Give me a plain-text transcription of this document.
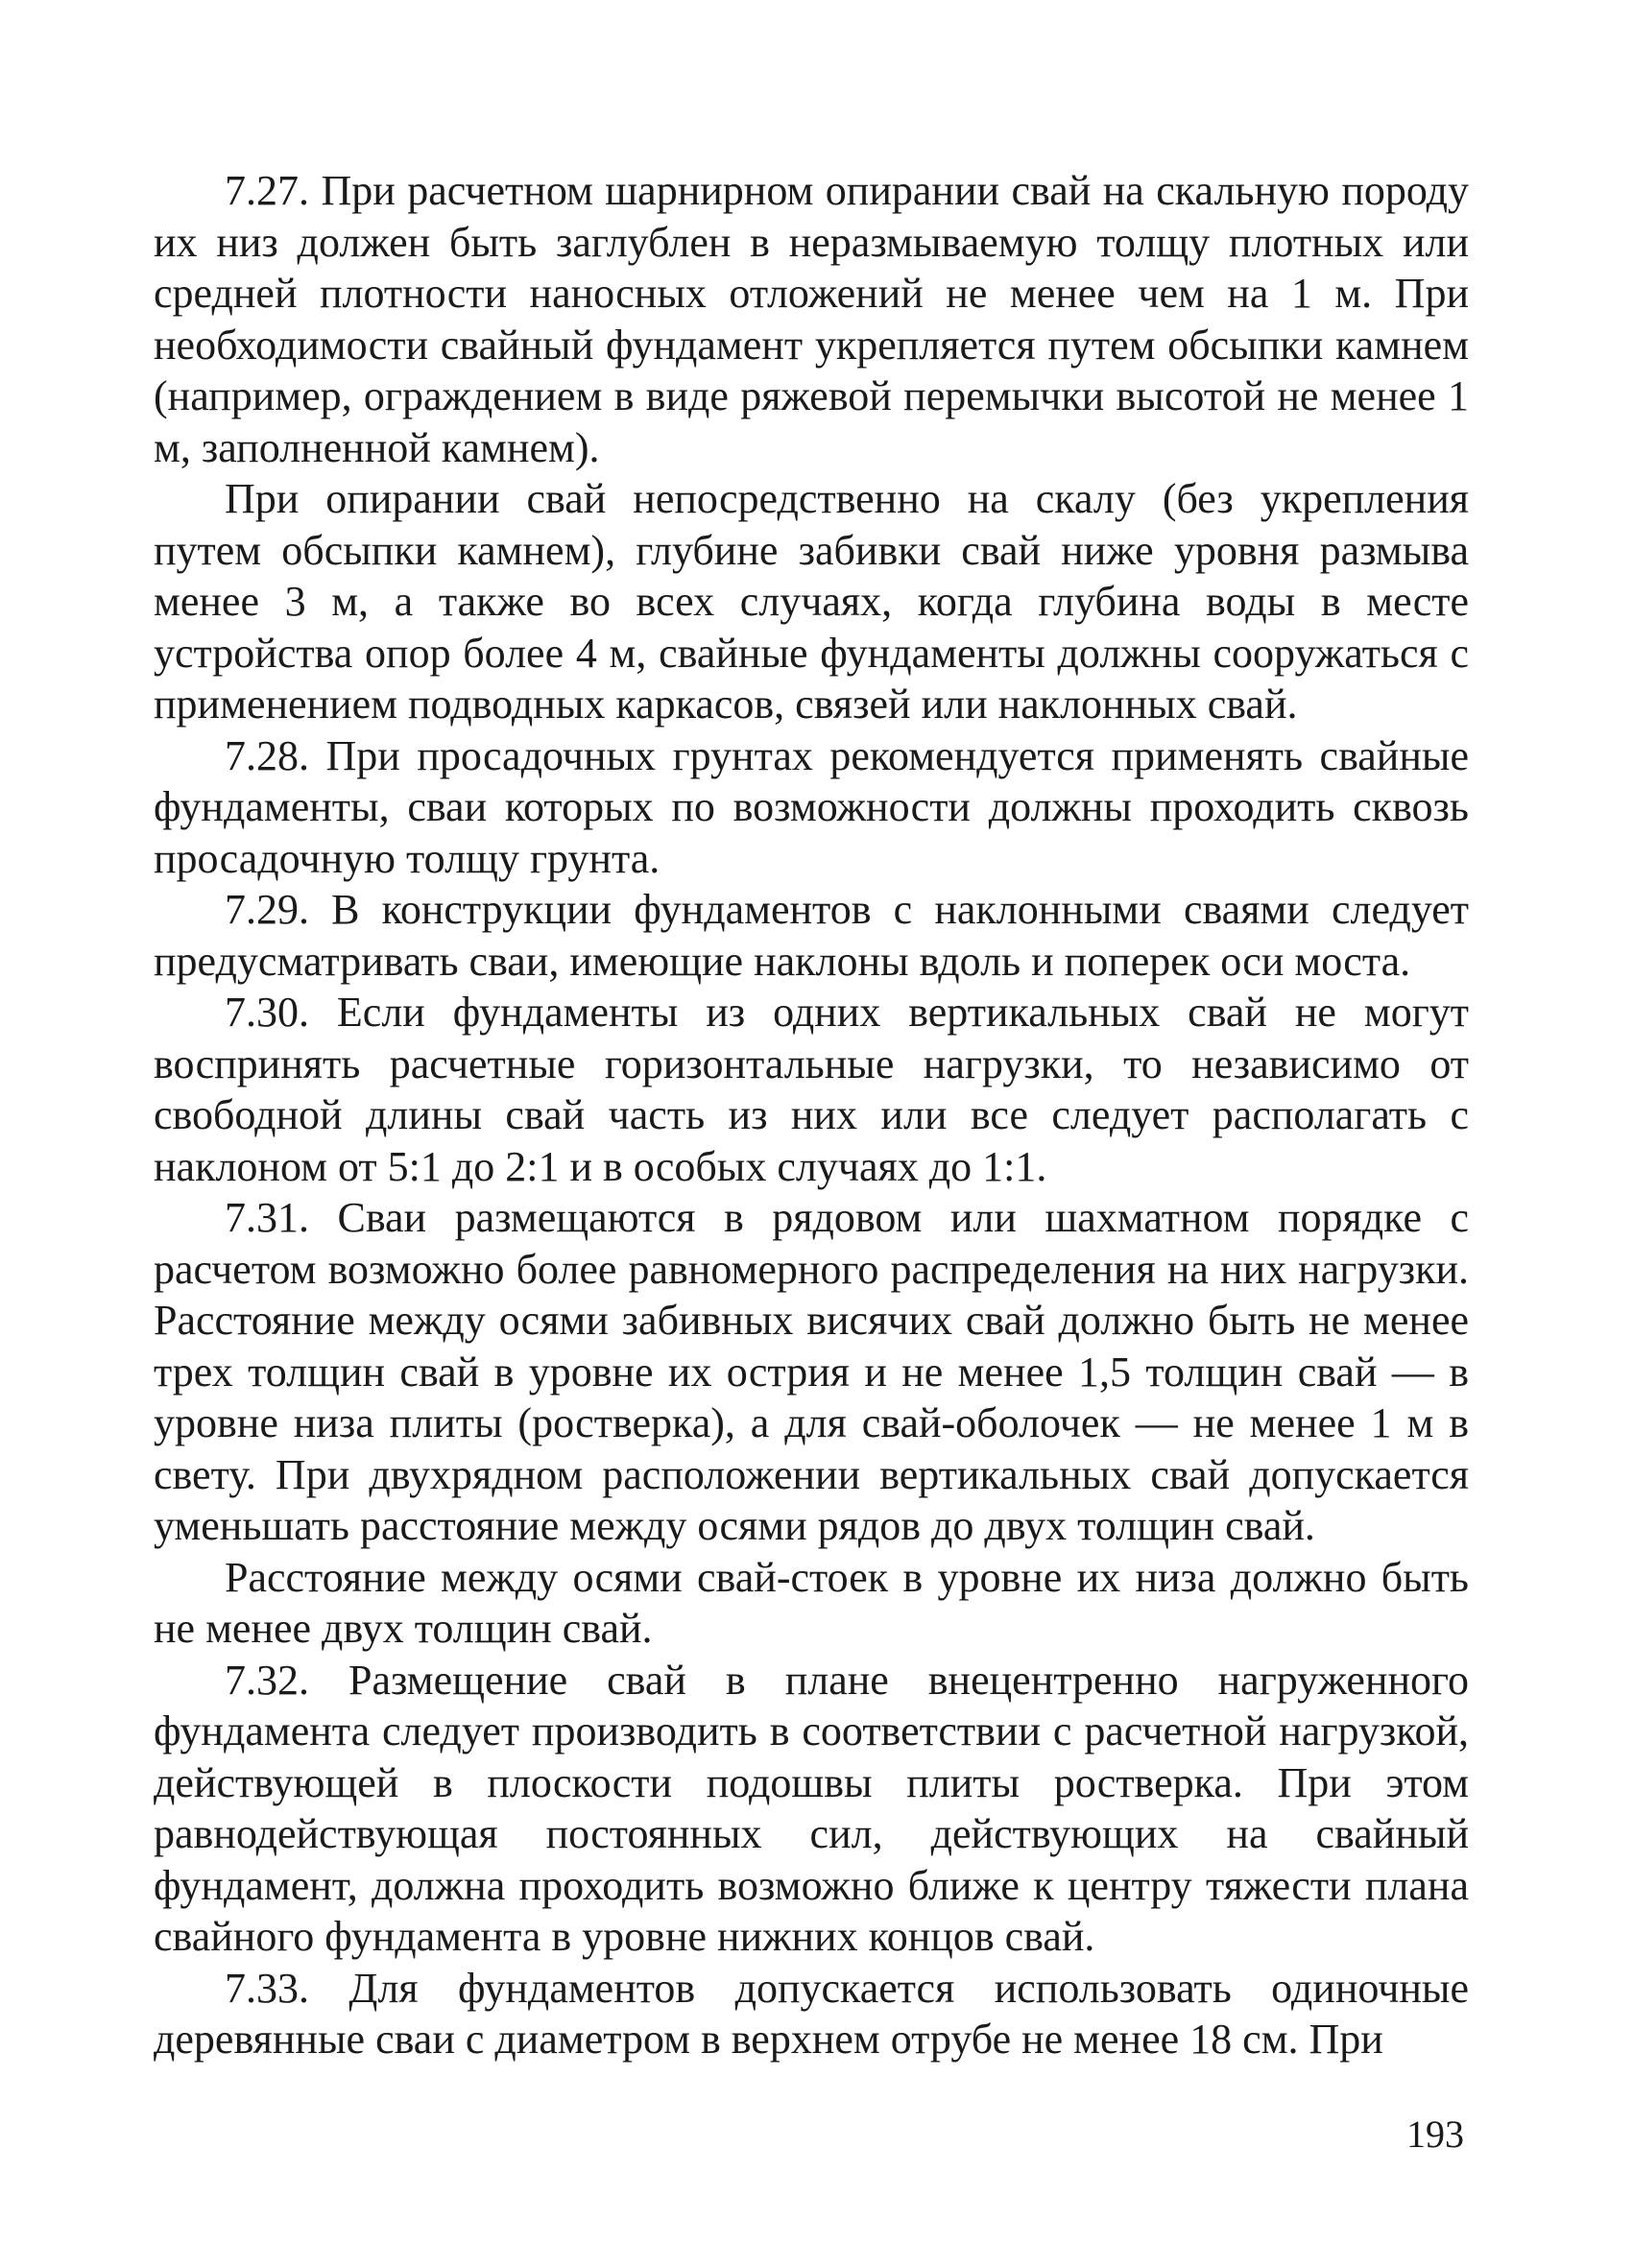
7.27. При расчетном шарнирном опирании свай на скальную породу их низ должен быть заглублен в неразмываемую толщу плотных или средней плотности наносных отложений не менее чем на 1 м. При необходимости свайный фундамент укрепляется путем обсыпки камнем (например, ограждением в виде ряжевой перемычки высотой не менее 1 м, заполненной камнем).

При опирании свай непосредственно на скалу (без укрепления путем обсыпки камнем), глубине забивки свай ниже уровня размыва менее 3 м, а также во всех случаях, когда глубина воды в месте устройства опор более 4 м, свайные фундаменты должны сооружаться с применением подводных каркасов, связей или наклонных свай.

7.28. При просадочных грунтах рекомендуется применять свайные фундаменты, сваи которых по возможности должны проходить сквозь просадочную толщу грунта.

7.29. В конструкции фундаментов с наклонными сваями следует предусматривать сваи, имеющие наклоны вдоль и поперек оси моста.

7.30. Если фундаменты из одних вертикальных свай не могут воспринять расчетные горизонтальные нагрузки, то независимо от свободной длины свай часть из них или все следует располагать с наклоном от 5:1 до 2:1 и в особых случаях до 1:1.

7.31. Сваи размещаются в рядовом или шахматном порядке с расчетом возможно более равномерного распределения на них нагрузки. Расстояние между осями забивных висячих свай должно быть не менее трех толщин свай в уровне их острия и не менее 1,5 толщин свай — в уровне низа плиты (ростверка), а для свай-оболочек — не менее 1 м в свету. При двухрядном расположении вертикальных свай допускается уменьшать расстояние между осями рядов до двух толщин свай.

Расстояние между осями свай-стоек в уровне их низа должно быть не менее двух толщин свай.

7.32. Размещение свай в плане внецентренно нагруженного фундамента следует производить в соответствии с расчетной нагрузкой, действующей в плоскости подошвы плиты ростверка. При этом равнодействующая постоянных сил, действующих на свайный фундамент, должна проходить возможно ближе к центру тяжести плана свайного фундамента в уровне нижних концов свай.

7.33. Для фундаментов допускается использовать одиночные деревянные сваи с диаметром в верхнем отрубе не менее 18 см. При

193
